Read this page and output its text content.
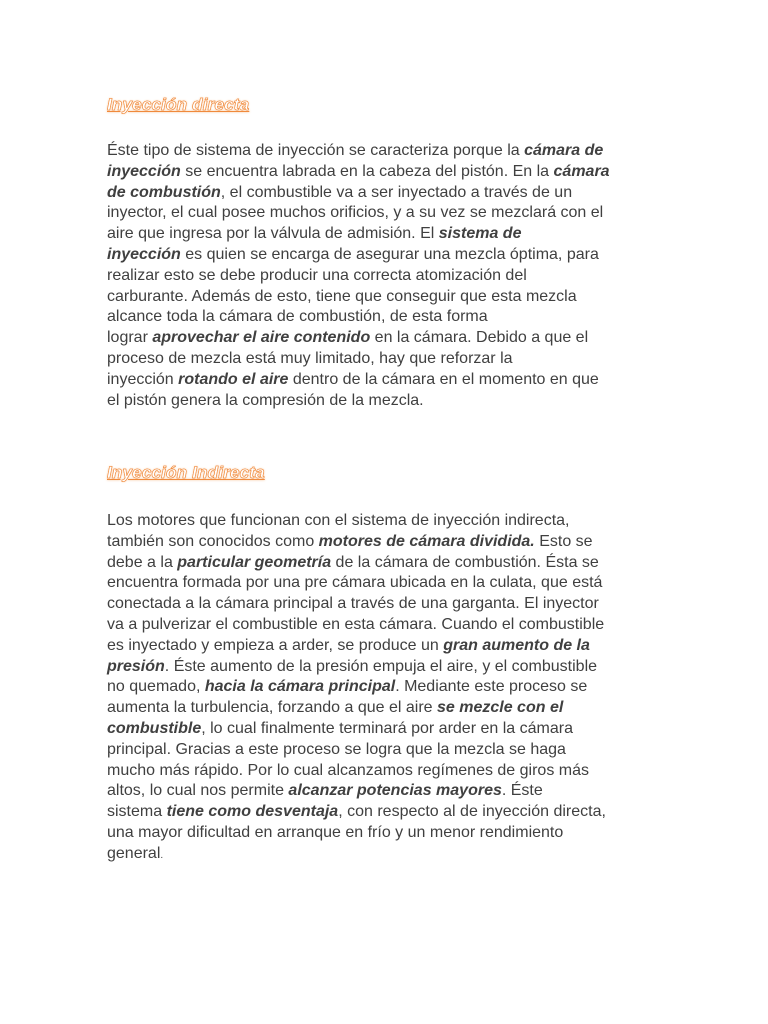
Inyección directa
Éste tipo de sistema de inyección se caracteriza porque la cámara de
inyección se encuentra labrada en la cabeza del pistón. En la cámara
de combustión, el combustible va a ser inyectado a través de un
inyector, el cual posee muchos orificios, y a su vez se mezclará con el
aire que ingresa por la válvula de admisión. El sistema de
inyección es quien se encarga de asegurar una mezcla óptima, para
realizar esto se debe producir una correcta atomización del
carburante. Además de esto, tiene que conseguir que esta mezcla
alcance toda la cámara de combustión, de esta forma
lograr aprovechar el aire contenido en la cámara. Debido a que el
proceso de mezcla está muy limitado, hay que reforzar la
inyección rotando el aire dentro de la cámara en el momento en que
el pistón genera la compresión de la mezcla.
Inyección Indirecta
Los motores que funcionan con el sistema de inyección indirecta,
también son conocidos como motores de cámara dividida. Esto se
debe a la particular geometría de la cámara de combustión. Ésta se
encuentra formada por una pre cámara ubicada en la culata, que está
conectada a la cámara principal a través de una garganta. El inyector
va a pulverizar el combustible en esta cámara. Cuando el combustible
es inyectado y empieza a arder, se produce un gran aumento de la
presión. Éste aumento de la presión empuja el aire, y el combustible
no quemado, hacia la cámara principal. Mediante este proceso se
aumenta la turbulencia, forzando a que el aire se mezcle con el
combustible, lo cual finalmente terminará por arder en la cámara
principal. Gracias a este proceso se logra que la mezcla se haga
mucho más rápido. Por lo cual alcanzamos regímenes de giros más
altos, lo cual nos permite alcanzar potencias mayores. Éste
sistema tiene como desventaja, con respecto al de inyección directa,
una mayor dificultad en arranque en frío y un menor rendimiento
general.
